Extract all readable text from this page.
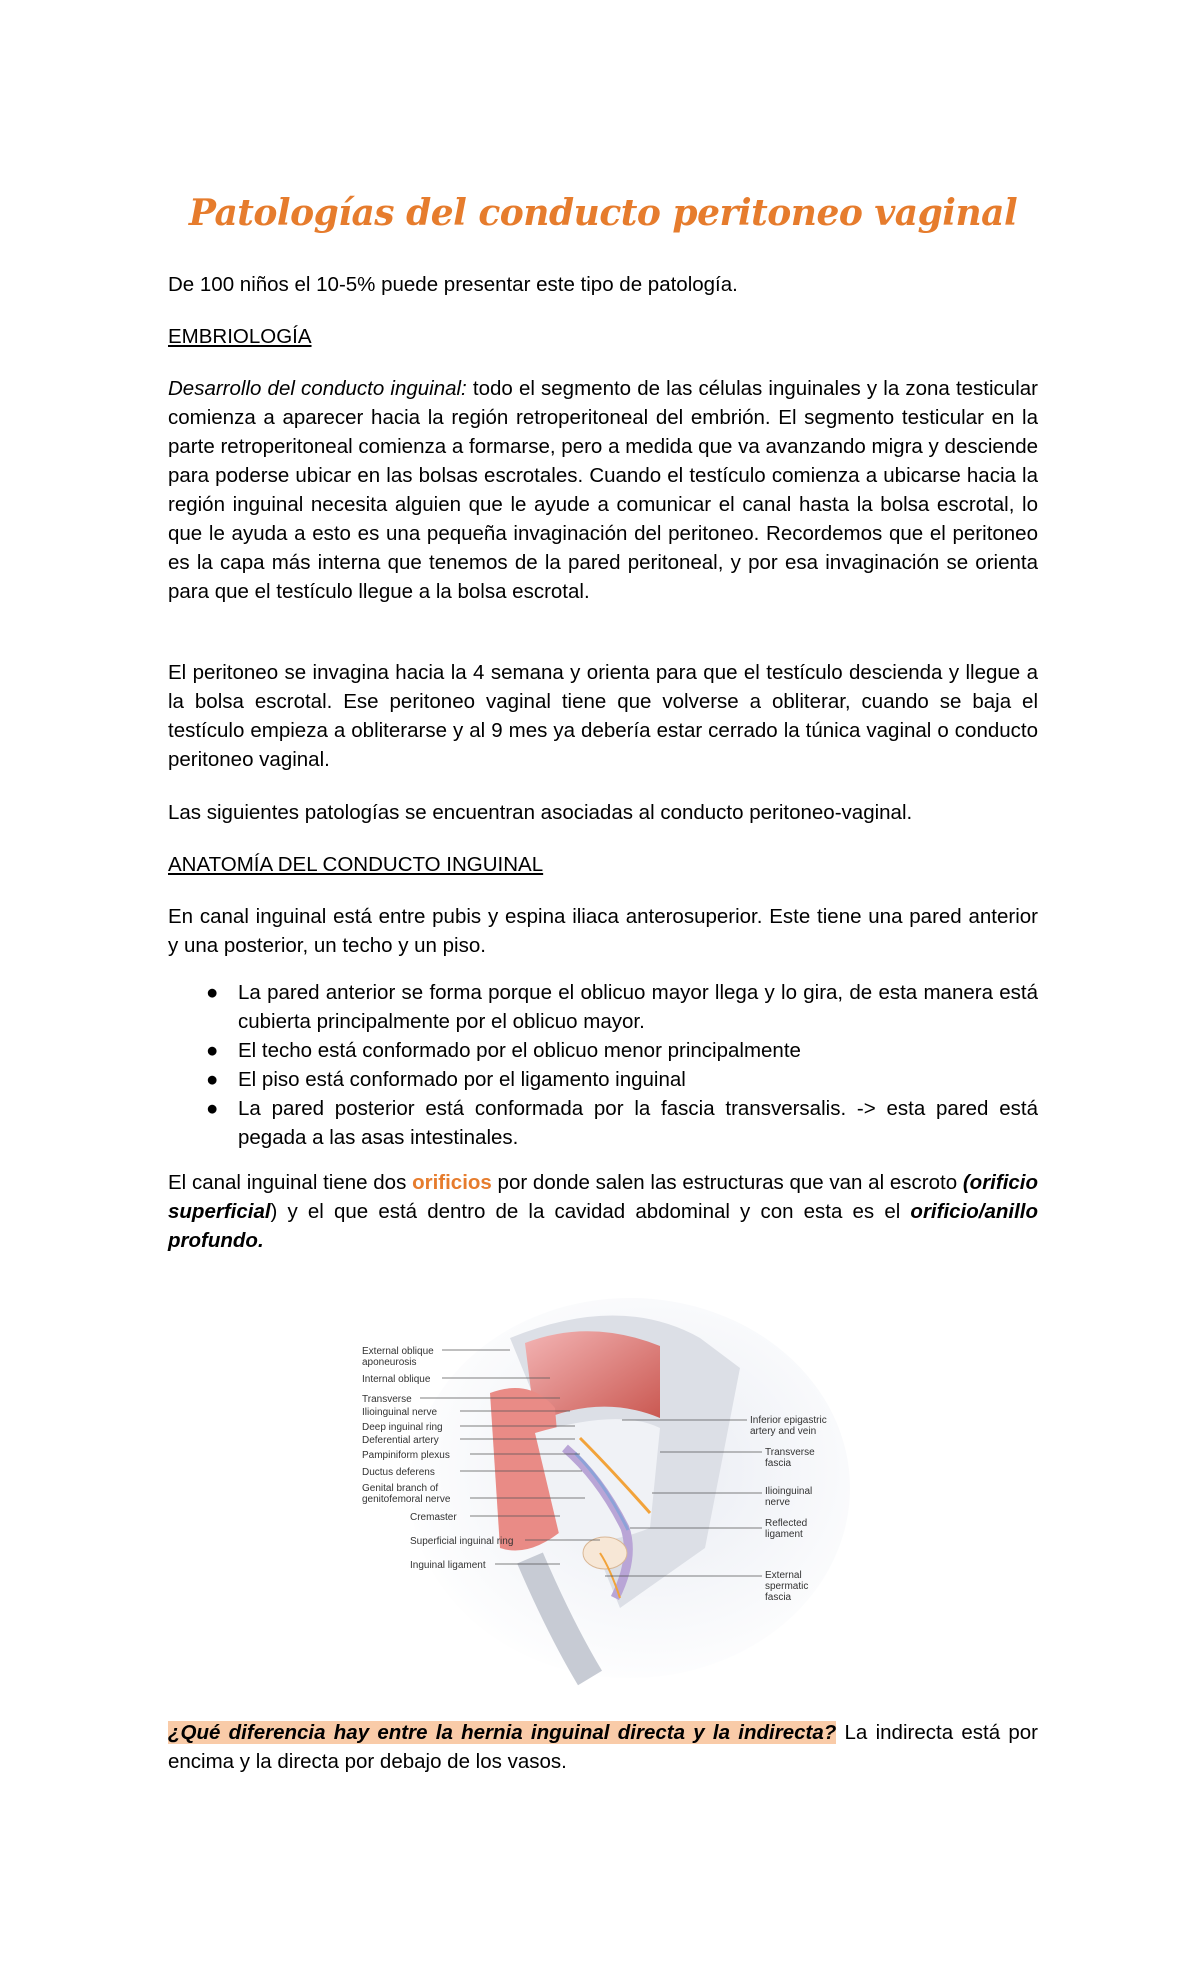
Patologías del conducto peritoneo vaginal

De 100 niños el 10-5% puede presentar este tipo de patología.

EMBRIOLOGÍA

Desarrollo del conducto inguinal: todo el segmento de las células inguinales y la zona testicular comienza a aparecer hacia la región retroperitoneal del embrión. El segmento testicular en la parte retroperitoneal comienza a formarse, pero a medida que va avanzando migra y desciende para poderse ubicar en las bolsas escrotales. Cuando el testículo comienza a ubicarse hacia la región inguinal necesita alguien que le ayude a comunicar el canal hasta la bolsa escrotal, lo que le ayuda a esto es una pequeña invaginación del peritoneo. Recordemos que el peritoneo es la capa más interna que tenemos de la pared peritoneal, y por esa invaginación se orienta para que el testículo llegue a la bolsa escrotal.

El peritoneo se invagina hacia la 4 semana y orienta para que el testículo descienda y llegue a la bolsa escrotal. Ese peritoneo vaginal tiene que volverse a obliterar, cuando se baja el testículo empieza a obliterarse y al 9 mes ya debería estar cerrado la túnica vaginal o conducto peritoneo vaginal.

Las siguientes patologías se encuentran asociadas al conducto peritoneo-vaginal.

ANATOMÍA DEL CONDUCTO INGUINAL

En canal inguinal está entre pubis y espina iliaca anterosuperior. Este tiene una pared anterior y una posterior, un techo y un piso.

● La pared anterior se forma porque el oblicuo mayor llega y lo gira, de esta manera está cubierta principalmente por el oblicuo mayor.
● El techo está conformado por el oblicuo menor principalmente
● El piso está conformado por el ligamento inguinal
● La pared posterior está conformada por la fascia transversalis. -> esta pared está pegada a las asas intestinales.

El canal inguinal tiene dos orificios por donde salen las estructuras que van al escroto (orificio superficial) y el que está dentro de la cavidad abdominal y con esta es el orificio/anillo profundo.

¿Qué diferencia hay entre la hernia inguinal directa y la indirecta? La indirecta está por encima y la directa por debajo de los vasos.

External oblique
aponeurosis
Internal oblique
Transverse
Ilioinguinal nerve
Deep inguinal ring
Deferential artery
Pampiniform plexus
Ductus deferens
Genital branch of
genitofemoral nerve
Cremaster
Superficial inguinal ring
Inguinal ligament
Inferior epigastric
artery and vein
Transverse
fascia
Ilioinguinal
nerve
Reflected
ligament
External
spermatic
fascia
